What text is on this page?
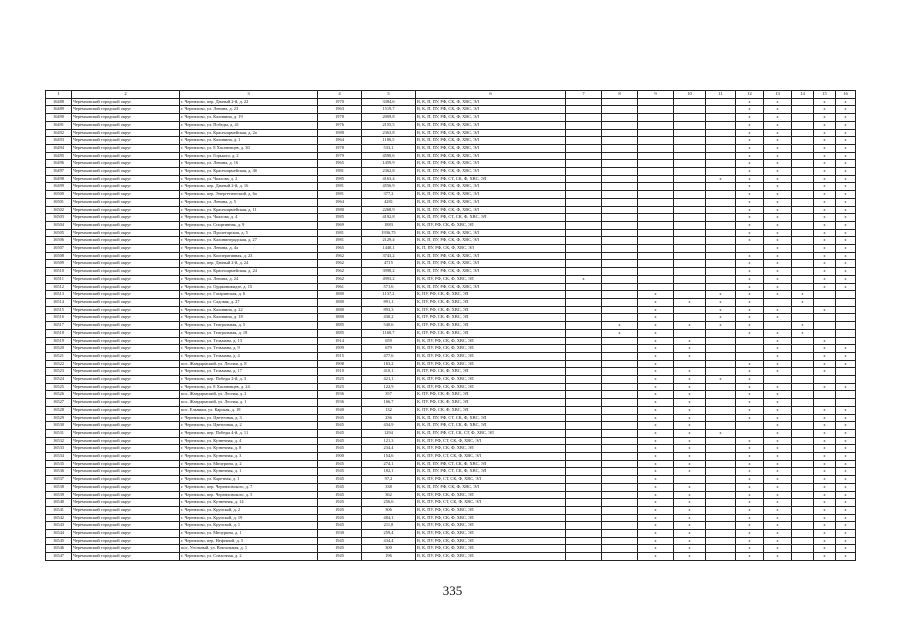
1	2	3	4	5	6	7	8	9	10	11	12	13	14	15	16
16488	Черемховский городской округ	г. Черемхово, пер. Дачный 2-й, д. 22	1970	3384,6	В, К, П, ПУ, РФ, СК, Ф, ХВС, ЭЛ						х	х		х	х
16489	Черемховский городской округ	г. Черемхово, ул. Ленина, д. 23	1963	1519,7	В, К, П, ПУ, РФ, СК, Ф, ХВС, ЭЛ						х	х		х	х
16490	Черемховский городской округ	г. Черемхово, ул. Калинина, д. 19	1978	2009,8	В, К, П, ПУ, РФ, СК, Ф, ХВС, ЭЛ						х	х		х	х
16491	Черемховский городской округ	г. Черемхово, ул. Победы, д. 41	1976	2155,5	В, К, П, ПУ, РФ, СК, Ф, ХВС, ЭЛ						х	х		х	х
16492	Черемховский городской округ	г. Черемхово, ул. Красноармейская, д. 2а	1980	2363,8	В, К, П, ПУ, РФ, СК, Ф, ХВС, ЭЛ						х	х		х	х
16493	Черемховский городской округ	г. Черемхово, ул. Калинина, д. 1	1964	1186,5	В, К, П, ПУ, РФ, СК, Ф, ХВС, ЭЛ						х	х		х	х
16494	Черемховский городской округ	г. Черемхово, ул. 8 Хасановцев, д. 30	1978	533,1	В, К, П, ПУ, РФ, СК, Ф, ХВС, ЭЛ						х	х		х	х
16495	Черемховский городской округ	г. Черемхово, ул. Горького, д. 2	1979	4590,6	В, К, П, ПУ, РФ, СК, Ф, ХВС, ЭЛ						х	х		х	х
16496	Черемховский городской округ	г. Черемхово, ул. Ленина, д. 16	1965	1459,9	В, К, П, ПУ, РФ, СК, Ф, ХВС, ЭЛ						х	х		х	х
16497	Черемховский городской округ	г. Черемхово, ул. Красноармейская, д. 4б	1981	2362,8	В, К, П, ПУ, РФ, СК, Ф, ХВС, ЭЛ						х	х		х	х
16498	Черемховский городской округ	г. Черемхово, ул. Чкалова, д. 2	1985	4163,4	В, К, П, ПУ, РФ, СТ, СК, Ф, ХВС, ЭЛ					х	х	х		х	х
16499	Черемховский городской округ	г. Черемхово, пер. Дачный 2-й, д. 16	1981	4556,9	В, К, П, ПУ, РФ, СК, Ф, ХВС, ЭЛ						х	х		х	х
16500	Черемховский городской округ	г. Черемхово, пер. Энергетический, д. 6а	1981	377,2	В, К, П, ПУ, РФ, СК, Ф, ХВС, ЭЛ						х	х		х	х
16501	Черемховский городской округ	г. Черемхово, ул. Ленина, д. 5	1964	4281	В, К, П, ПУ, РФ, СК, Ф, ХВС, ЭЛ						х	х		х	х
16502	Черемховский городской округ	г. Черемхово, ул. Красноармейская, д. 11	1980	2268,9	В, К, П, ПУ, РФ, СК, Ф, ХВС, ЭЛ						х	х		х	х
16503	Черемховский городской округ	г. Черемхово, ул. Чкалова, д. 4	1985	4192,8	В, К, П, ПУ, РФ, СТ, СК, Ф, ХВС, ЭЛ						х	х		х	х
16504	Черемховский городской округ	г. Черемхово, ул. Спортивная, д. 9	1969	1883	В, К, ПУ, РФ, СК, Ф, ХВС, ЭЛ						х	х		х	х
16505	Черемховский городской округ	г. Черемхово, ул. Пролетарская, д. 5	1981	1936,75	В, К, П, ПУ, РФ, СК, Ф, ХВС, ЭЛ						х	х		х	х
16506	Черемховский городской округ	г. Черемхово, ул. Калининградская, д. 27	1981	2129,4	В, К, П, ПУ, РФ, СК, Ф, ХВС, ЭЛ						х	х		х	х
16507	Черемховский городской округ	г. Черемхово, ул. Ленина, д. 4а	1965	1440,1	К, П, ПУ, РФ, СК, Ф, ХВС, ЭЛ							х		х	х
16508	Черемховский городской округ	г. Черемхово, ул. Кооперативная, д. 23	1962	3743,2	В, К, П, ПУ, РФ, СК, Ф, ХВС, ЭЛ						х	х		х	х
16509	Черемховский городской округ	г. Черемхово, пер. Дачный 2-й, д. 24	1962	4715	В, К, П, ПУ, РФ, СК, Ф, ХВС, ЭЛ						х	х		х	х
16510	Черемховский городской округ	г. Черемхово, ул. Красноармейская, д. 24	1962	3998,2	В, К, П, ПУ, РФ, СК, Ф, ХВС, ЭЛ						х	х		х	х
16511	Черемховский городской округ	г. Черемхово, ул. Ленина, д. 24	1962	4993,2	В, К, ПУ, РФ, СК, Ф, ХВС, ЭЛ	х					х	х		х	х
16512	Черемховский городской округ	г. Черемхово, ул. Орджоникидзе, д. 15	1961	571,6	В, К, П, ПУ, РФ, СК, Ф, ХВС, ЭЛ						х	х		х	х
16513	Черемховский городской округ	г. Черемхово, ул. Гагаринская, д. 6	1880	1137,2	К, ПУ, РФ, СК, Ф, ХВС, ЭЛ			х		х	х	х	х		
16514	Черемховский городской округ	г. Черемхово, ул. Садовая, д. 27	1880	891,1	К, ПУ, РФ, СК, Ф, ХВС, ЭЛ			х	х	х	х		х		
16515	Черемховский городской округ	г. Черемхово, ул. Калинина, д. 22	1880	893,3	К, ПУ, РФ, СК, Ф, ХВС, ЭЛ			х		х	х	х		х	
16516	Черемховский городской округ	г. Черемхово, ул. Калинина, д. 18	1880	430,2	К, ПУ, РФ, СК, Ф, ХВС, ЭЛ			х		х	х	х			
16517	Черемховский городской округ	г. Черемхово, ул. Театральная, д. 5	1885	540,6	К, ПУ, РФ, СК, Ф, ХВС, ЭЛ		х	х	х	х	х		х		
16518	Черемховский городской округ	г. Черемхово, ул. Театральная, д. 18	1885	1160,7	К, ПУ, РФ, СК, Ф, ХВС, ЭЛ		х	х			х	х	х		
16519	Черемховский городской округ	г. Черемхово, ул. Тельмана, д. 13	1914	659	В, К, ПУ, РФ, СК, Ф, ХВС, ЭЛ			х	х			х		х	
16520	Черемховский городской округ	г. Черемхово, ул. Тельмана, д. 9	1909	679	В, К, ПУ, РФ, СК, Ф, ХВС, ЭЛ			х	х			х		х	х
16521	Черемховский городской округ	г. Черемхово, ул. Тельмана, д. 4	1915	477,6	В, К, ПУ, РФ, СК, Ф, ХВС, ЭЛ			х	х			х		х	х
16522	Черемховский городской округ	пос. Жандармский, ул. Лесная, д. 8	1908	163,2	В, К, ПУ, РФ, СК, Ф, ХВС, ЭЛ			х			х	х		х	х
16523	Черемховский городской округ	г. Черемхово, ул. Тельмана, д. 17	1910	410,1	В, ПУ, РФ, СК, Ф, ХВС, ЭЛ			х	х		х	х		х	
16524	Черемховский городской округ	г. Черемхово, пер. Победы 2-й, д. 3	1925	421,1	В, К, ПУ, РФ, СК, Ф, ХВС, ЭЛ			х	х	х	х				
16525	Черемховский городской округ	г. Черемхово, ул. 8 Хасановцев, д. 24	1925	122,9	В, К, ПУ, РФ, СК, Ф, ХВС, ЭЛ			х	х		х	х		х	х
16526	Черемховский городской округ	пос. Жандармский, ул. Лесная, д. 2	1936	357	К, ПУ, РФ, СК, Ф, ХВС, ЭЛ			х	х		х	х			
16527	Черемховский городской округ	пос. Жандармский, ул. Лесная, д. 1	1936	166,7	К, ПУ, РФ, СК, Ф, ХВС, ЭЛ			х	х		х	х			
16528	Черемховский городской округ	пос. Ельники, ул. Карская, д. 18	1940	132	К, ПУ, РФ, СК, Ф, ХВС, ЭЛ			х	х		х	х		х	х
16529	Черемховский городской округ	г. Черемхово, ул. Цветочная, д. 3	1945	236	В, К, П, ПУ, РФ, СТ, СК, Ф, ХВС, ЭЛ			х	х		х	х		х	х
16530	Черемховский городской округ	г. Черемхово, ул. Цветочная, д. 2	1945	434,9	В, К, П, ПУ, РФ, СТ, СК, Ф, ХВС, ЭЛ			х	х			х		х	х
16531	Черемховский городской округ	г. Черемхово, пер. Победы 4-й, д. 11	1945	1294	В, К, П, ПУ, РФ, СТ, СК, СТ, Ф, ХВС, ЭЛ			х	х	х		х		х	х
16532	Черемховский городской округ	г. Черемхово, ул. Кузнечная, д. 4	1945	121,3	В, К, ПУ, РФ, СТ, СК, Ф, ХВС, ЭЛ			х	х		х	х		х	х
16533	Черемховский городской округ	г. Черемхово, ул. Кузнечная, д. 8	1945	234,4	В, К, ПУ, РФ, СК, Ф, ХВС, ЭЛ			х	х		х	х		х	х
16534	Черемховский городской округ	г. Черемхово, ул. Кузнечная, д. 3	1900	154,6	В, К, ПУ, РФ, СТ, СК, Ф, ХВС, ЭЛ			х	х		х	х		х	х
16535	Черемховский городской округ	г. Черемхово, ул. Мичурина, д. 2	1945	274,1	В, К, П, ПУ, РФ, СТ, СК, Ф, ХВС, ЭЛ			х	х		х	х		х	х
16536	Черемховский городской округ	г. Черемхово, ул. Кузнечная, д. 1	1945	182,1	В, К, П, ПУ, РФ, СТ, СК, Ф, ХВС, ЭЛ			х	х		х	х		х	х
16537	Черемховский городской округ	г. Черемхово, ул. Каретная, д. 1	1945	97,2	В, К, ПУ, РФ, СТ, СК, Ф, ХВС, ЭЛ			х			х	х		х	х
16538	Черемховский городской округ	г. Черемхово, пер. Черемховского, д. 7	1945	338	В, К, П, ПУ, РФ, СК, Ф, ХВС, ЭЛ			х	х		х	х		х	х
16539	Черемховский городской округ	г. Черемхово, пер. Черемховского, д. 5	1945	362	В, К, ПУ, РФ, СК, Ф, ХВС, ЭЛ			х	х		х	х		х	х
16540	Черемховский городской округ	г. Черемхово, ул. Кузнечная, д. 14	1945	256,6	В, К, ПУ, РФ, СТ, СК, Ф, ХВС, ЭЛ			х	х		х	х		х	х
16541	Черемховский городской округ	г. Черемхово, ул. Крупской, д. 2	1945	306	В, К, ПУ, РФ, СК, Ф, ХВС, ЭЛ			х	х		х	х		х	х
16542	Черемховский городской округ	г. Черемхово, ул. Крупской, д. 19	1945	484,1	В, К, ПУ, РФ, СК, Ф, ХВС, ЭЛ			х	х		х	х		х	х
16543	Черемховский городской округ	г. Черемхово, ул. Крупской, д. 1	1945	211,8	В, К, ПУ, РФ, СК, Ф, ХВС, ЭЛ			х	х		х	х		х	х
16544	Черемховский городской округ	г. Черемхово, ул. Мичурина, д. 1	1930	259,4	В, К, ПУ, РФ, СК, Ф, ХВС, ЭЛ			х	х		х	х		х	х
16545	Черемховский городской округ	г. Черемхово, пер. Нефтяной, д. 5	1945	434,4	В, К, ПУ, РФ, СК, Ф, ХВС, ЭЛ			х	х		х	х		х	х
16546	Черемховский городской округ	пос. Угольный, ул. Вокзальная, д. 1	1945	300	В, К, ПУ, РФ, СК, Ф, ХВС, ЭЛ			х	х		х	х		х	х
16547	Черемховский городской округ	г. Черемхово, ул. Совхозная, д. 2	1945	196	В, К, ПУ, РФ, СК, Ф, ХВС, ЭЛ			х	х		х	х		х	х
335
